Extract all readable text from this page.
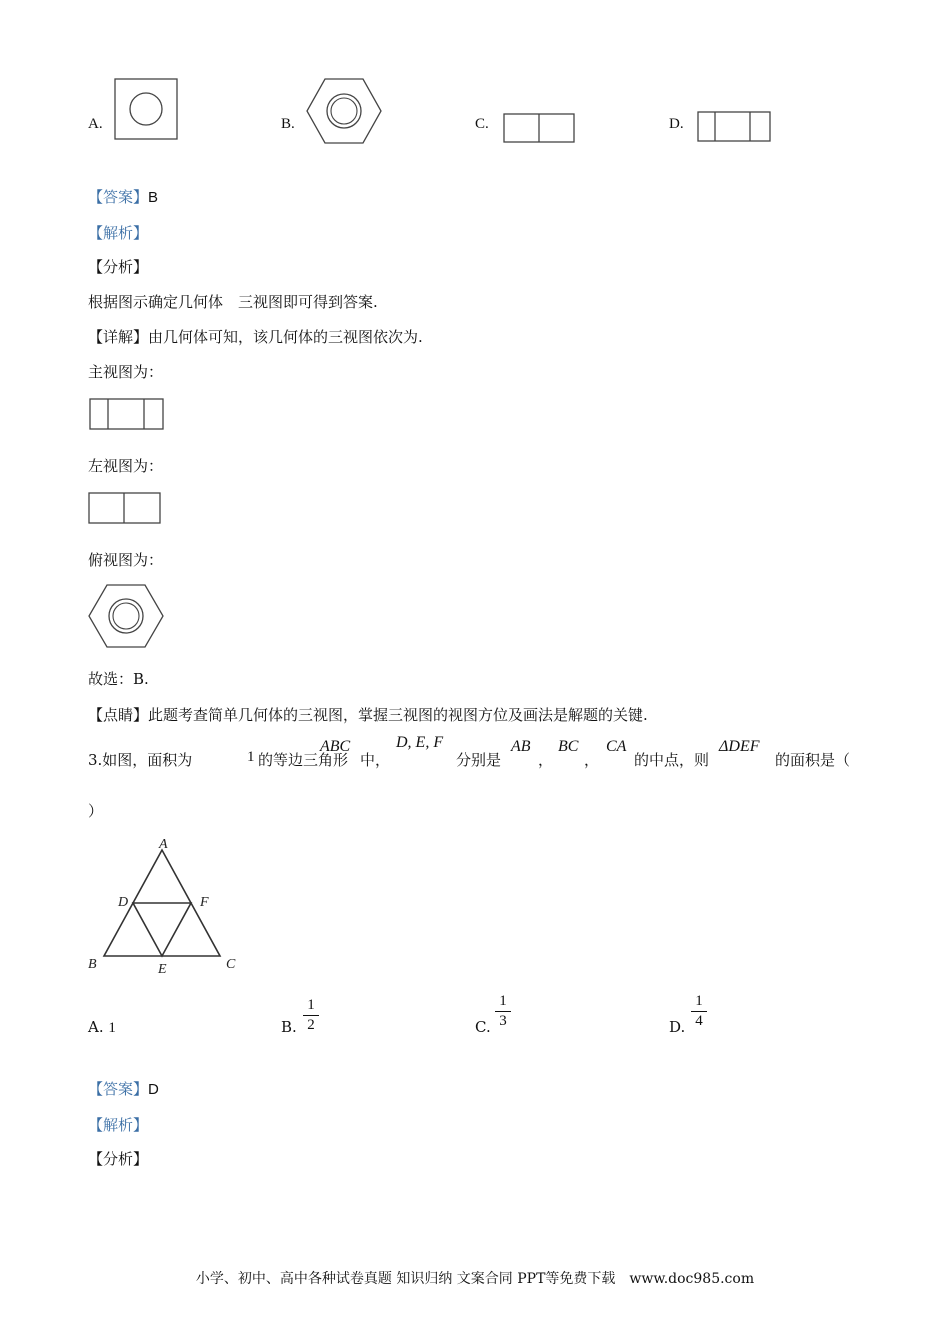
A.	B.	C.	D.
【答案】B
【解析】
【分析】
根据图示确定几何体　三视图即可得到答案.
【详解】由几何体可知，该几何体的三视图依次为.
主视图为：
左视图为：
俯视图为：
故选：B.
【点睛】此题考查简单几何体的三视图，掌握三视图的视图方位及画法是解题的关键.
3.如图，面积为	1 的等边三角形
ABC
中，
D, E, F
分别是
AB
，
BC
，
CA
的中点，则
ΔDEF
的面积是（
）
A
B	C
D
E
F
A. 1	B.
1
2	C.
1
3	D.
1
4
【答案】D
【解析】
【分析】
小学、初中、高中各种试卷真题 知识归纳 文案合同 PPT等免费下载　www.doc985.com
